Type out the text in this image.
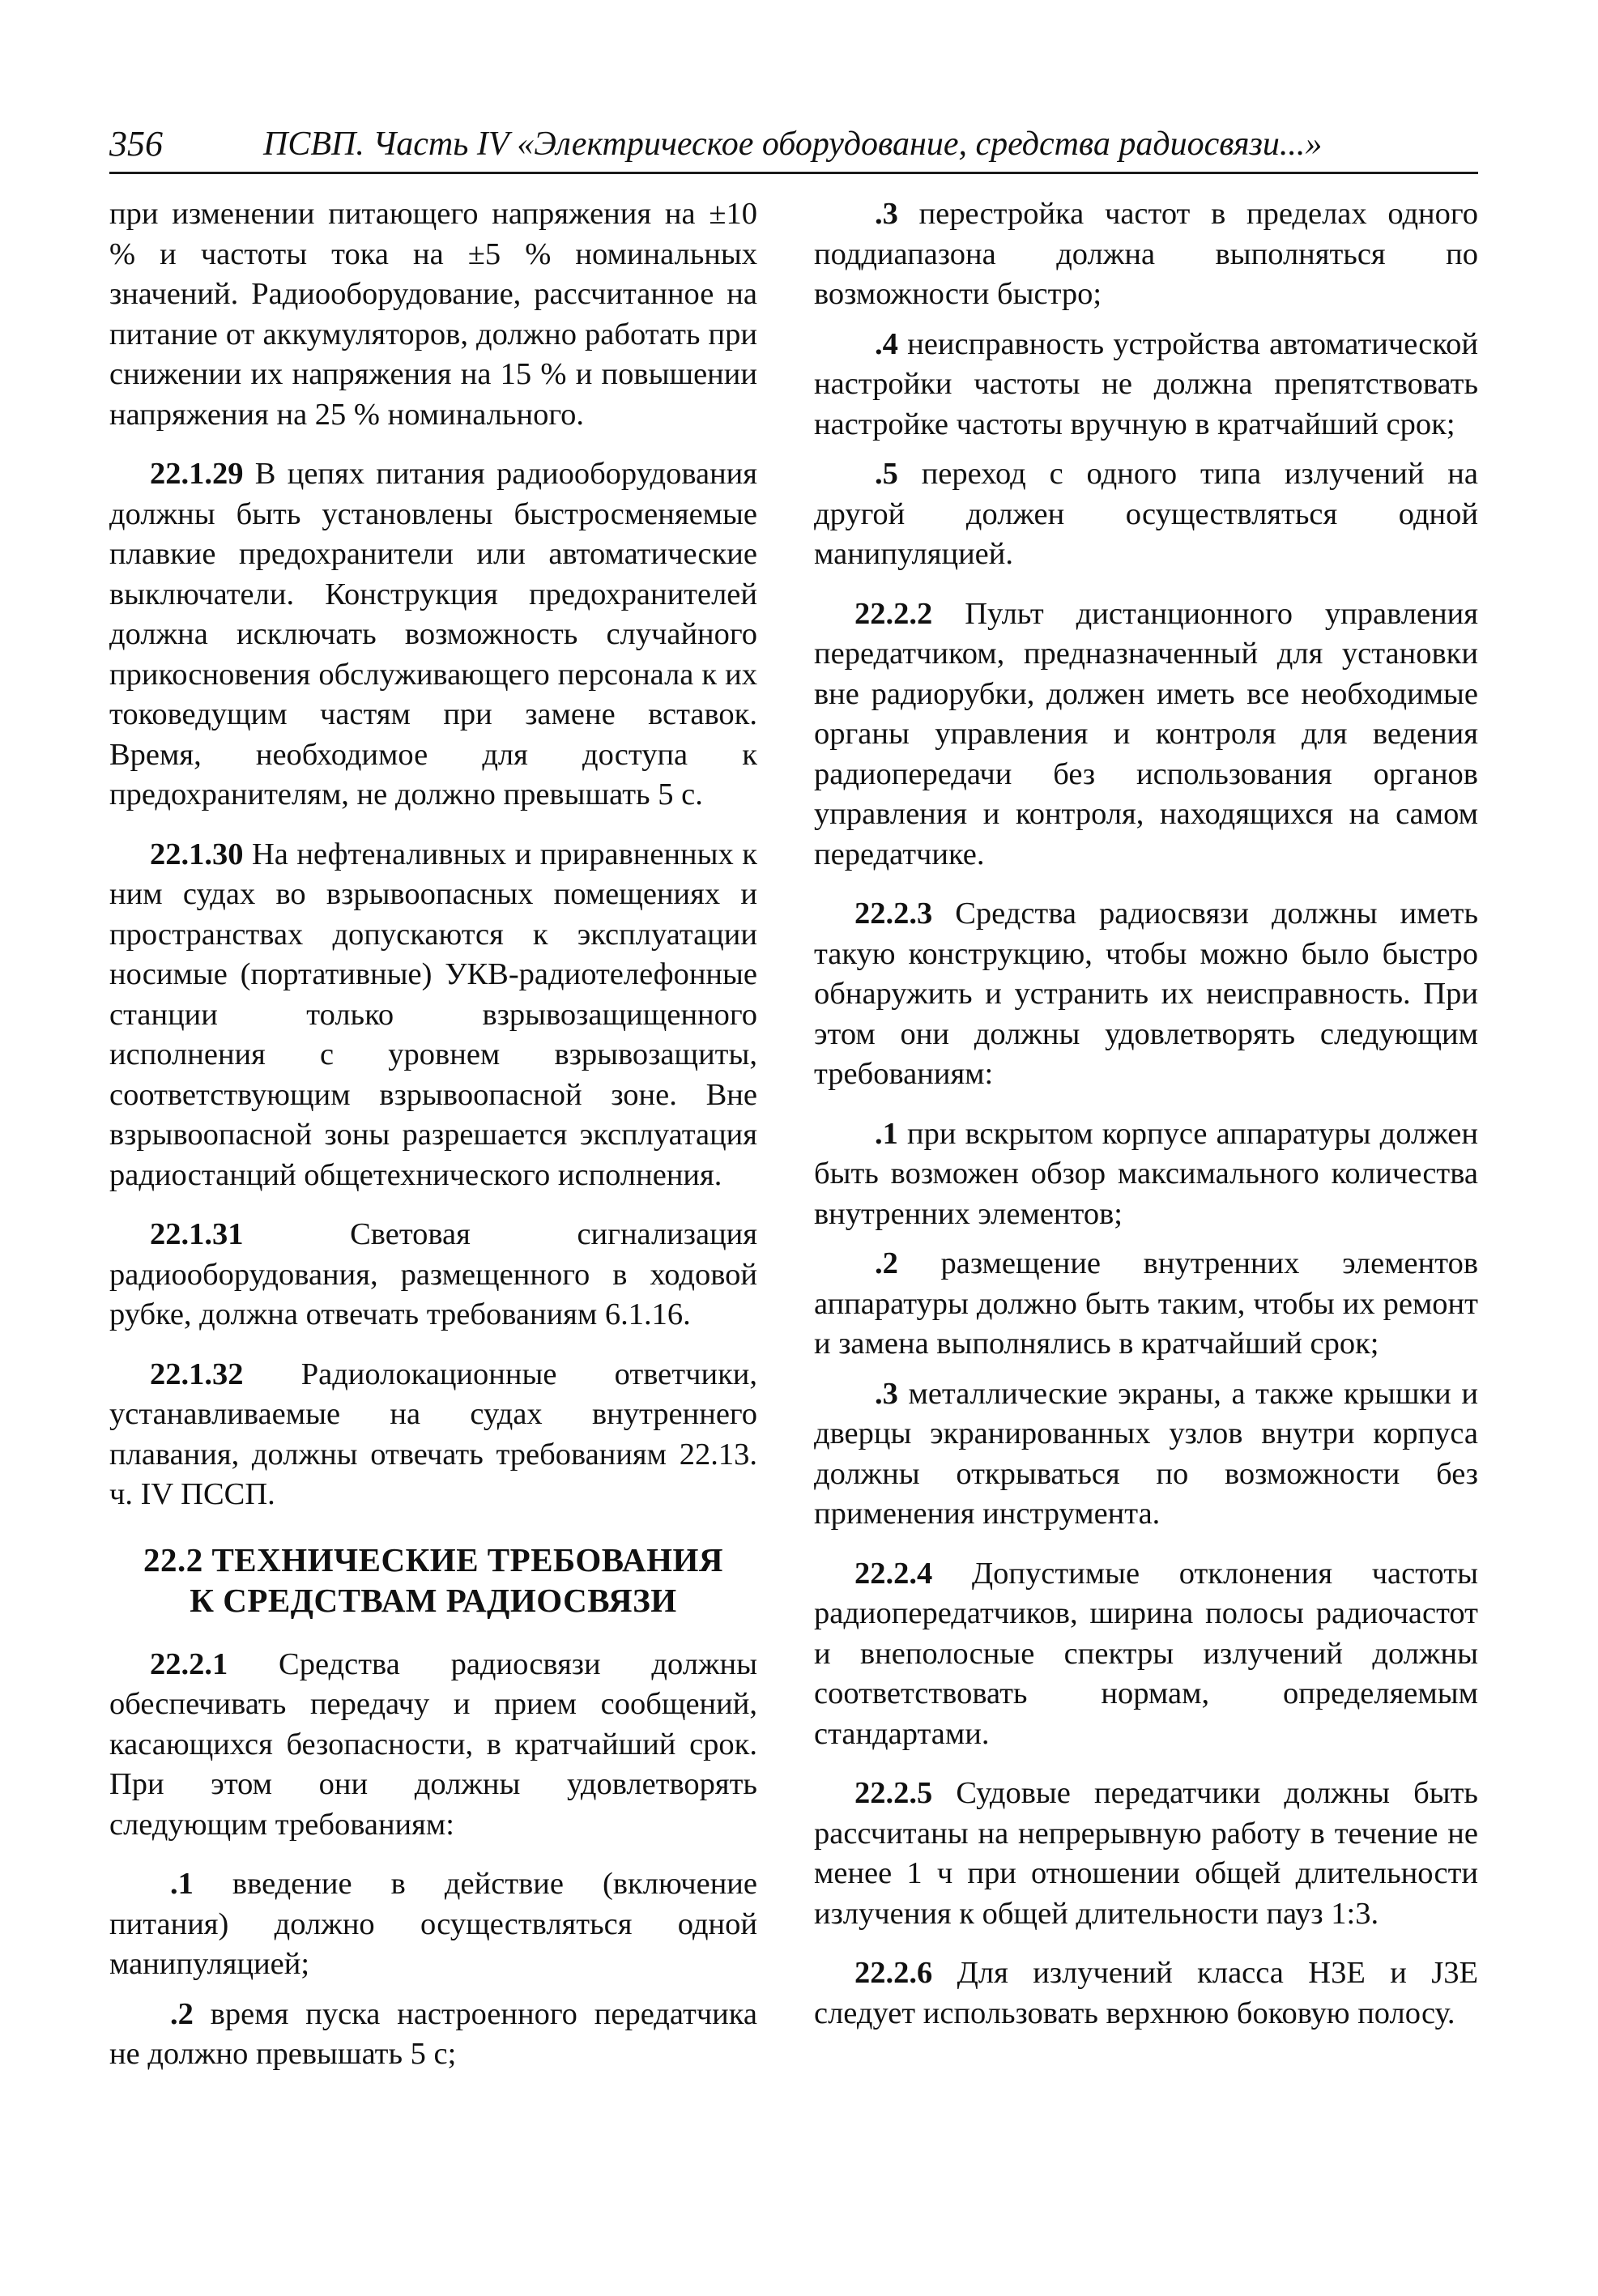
356	ПСВП. Часть IV «Электрическое оборудование, средства радиосвязи...»

при изменении питающего напряжения на ±10 % и частоты тока на ±5 % номинальных значений. Радиооборудование, рассчитанное на питание от аккумуляторов, должно работать при снижении их напряжения на 15 % и повышении напряжения на 25 % номинального.

22.1.29 В цепях питания радиооборудования должны быть установлены быстросменяемые плавкие предохранители или автоматические выключатели. Конструкция предохранителей должна исключать возможность случайного прикосновения обслуживающего персонала к их токоведущим частям при замене вставок. Время, необходимое для доступа к предохранителям, не должно превышать 5 с.

22.1.30 На нефтеналивных и приравненных к ним судах во взрывоопасных помещениях и пространствах допускаются к эксплуатации носимые (портативные) УКВ-радиотелефонные станции только взрывозащищенного исполнения с уровнем взрывозащиты, соответствующим взрывоопасной зоне. Вне взрывоопасной зоны разрешается эксплуатация радиостанций общетехнического исполнения.

22.1.31 Световая сигнализация радиооборудования, размещенного в ходовой рубке, должна отвечать требованиям 6.1.16.

22.1.32 Радиолокационные ответчики, устанавливаемые на судах внутреннего плавания, должны отвечать требованиям 22.13. ч. IV ПССП.

22.2 ТЕХНИЧЕСКИЕ ТРЕБОВАНИЯ
К СРЕДСТВАМ РАДИОСВЯЗИ

22.2.1 Средства радиосвязи должны обеспечивать передачу и прием сообщений, касающихся безопасности, в кратчайший срок. При этом они должны удовлетворять следующим требованиям:

.1 введение в действие (включение питания) должно осуществляться одной манипуляцией;

.2 время пуска настроенного передатчика не должно превышать 5 с;

.3 перестройка частот в пределах одного поддиапазона должна выполняться по возможности быстро;

.4 неисправность устройства автоматической настройки частоты не должна препятствовать настройке частоты вручную в кратчайший срок;

.5 переход с одного типа излучений на другой должен осуществляться одной манипуляцией.

22.2.2 Пульт дистанционного управления передатчиком, предназначенный для установки вне радиорубки, должен иметь все необходимые органы управления и контроля для ведения радиопередачи без использования органов управления и контроля, находящихся на самом передатчике.

22.2.3 Средства радиосвязи должны иметь такую конструкцию, чтобы можно было быстро обнаружить и устранить их неисправность. При этом они должны удовлетворять следующим требованиям:

.1 при вскрытом корпусе аппаратуры должен быть возможен обзор максимального количества внутренних элементов;

.2 размещение внутренних элементов аппаратуры должно быть таким, чтобы их ремонт и замена выполнялись в кратчайший срок;

.3 металлические экраны, а также крышки и дверцы экранированных узлов внутри корпуса должны открываться по возможности без применения инструмента.

22.2.4 Допустимые отклонения частоты радиопередатчиков, ширина полосы радиочастот и внеполосные спектры излучений должны соответствовать нормам, определяемым стандартами.

22.2.5 Судовые передатчики должны быть рассчитаны на непрерывную работу в течение не менее 1 ч при отношении общей длительности излучения к общей длительности пауз 1:3.

22.2.6 Для излучений класса H3E и J3E следует использовать верхнюю боковую полосу.
